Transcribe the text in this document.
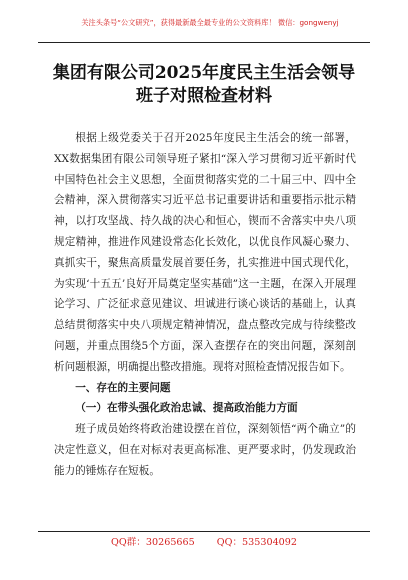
关注头条号“公文研究”，获得最新最全最专业的公文资料库！ 微信：gongwenyj
集团有限公司2025年度民主生活会领导
班子对照检查材料

根据上级党委关于召开2025年度民主生活会的统一部署，XX数据集团有限公司领导班子紧扣“深入学习贯彻习近平新时代中国特色社会主义思想，全面贯彻落实党的二十届三中、四中全会精神，深入贯彻落实习近平总书记重要讲话和重要指示批示精神，以打攻坚战、持久战的决心和恒心，锲而不舍落实中央八项规定精神，推进作风建设常态化长效化，以优良作风凝心聚力、真抓实干，聚焦高质量发展首要任务，扎实推进中国式现代化，为实现‘十五五’良好开局奠定坚实基础”这一主题，在深入开展理论学习、广泛征求意见建议、坦诚进行谈心谈话的基础上，认真总结贯彻落实中央八项规定精神情况，盘点整改完成与待续整改问题，并重点围绕5个方面，深入查摆存在的突出问题，深刻剖析问题根源，明确提出整改措施。现将对照检查情况报告如下。

一、存在的主要问题

（一）在带头强化政治忠诚、提高政治能力方面

班子成员始终将政治建设摆在首位，深刻领悟“两个确立”的决定性意义，但在对标对表更高标准、更严要求时，仍发现政治能力的锤炼存在短板。

QQ群：30265665 QQ：535304092
